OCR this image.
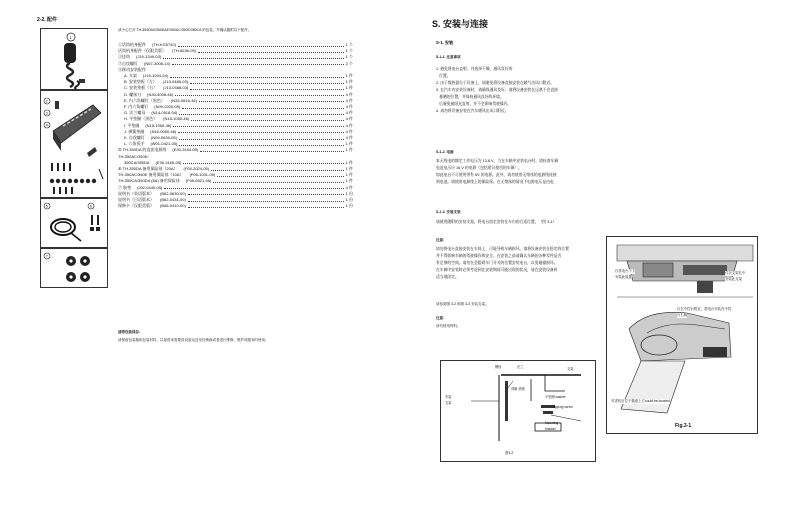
2-2. 配件
1
2
3
4
5	6
7
请小心打开 TH-350DA0/350DAE/350AC/350E/350CA 的包装，并确认随附以下配件。
①话筒机身配件 (TH-KG5740)	1 个
话筒机身配件（仅限美版） (TH-6636-05)	1 个
②挂钩 (J19-1349-03)	1 个
③自攻螺钉 (N67-3008-14)	2 个
④移动安装配件
A. 支架 (J19-1094-04)	1 件
B. 安装垫板（左） (J13-0488-03)	1 件
C. 安装垫板（右） (J13-0488-03)	1 件
D. 螺丝刀 (N30-4008-46)	4 件
E. 内六角螺钉（黑色） (N33-0816-46)	4 件
F. 内六角螺钉 (N09-0200-05)	4 件
G. 法兰螺母 (N14-0518-04)	4 件
H. 平垫圈（黑色） (N15-1050-46)	4 件
I. 平垫圈 (N15-1050-46)	4 件
J. 弹簧垫圈 (N16-0050-46)	4 件
K. 自攻螺钉 (N09-0639-05)	4 件
L. 六角扳手 (W01-0421-05)	1 件
⑤ TH-350DA 的直流电源线 (E30-3164-05)	1 件
TH-350AC/350E/
350CA/350DA (E30-3165-05)	1 件
⑥ TH-350DA 备用保险丝（20A） (F05-2024-05)	1 件
TH-350AC/350E 备用保险丝（10A） (F05-1031-05)	1 件
TH-350CA/350DA (6A) 备用保险丝 (F05-6521-05)	1 件
⑦ 胶垫 (J02-0440-05)	4 件
说明书（英语版本） (B62-0630-00)	1 份
说明书（日语版本） (B62-0431-00)	1 份
保修卡（仅限美版） (B46-0410-00)	1 份
请将包装保存：
请保留包装箱和包装材料，以备将来需要将设备运送至经销商或者进行维修、维护或服务时使用。
S. 安装与连接
S-1. 安装
S-1-1. 注意事项
1. 避免将电台直射，并选择干燥、通风良好的
位置。
2. 由于散热器位于设备上，请避免将设备直接安装在暖气出风口附近。
3. 在汽车内安装设备时，请确保通风良好。请将设备安装在远离不会直接
暴晒的位置，并保持通风良好的环境。
后避免被阳光直射，并不会影响驾驶操作。
4. 请勿将设备安装在汽车暖风出风口附近。
S-1-2. 电源
本无线电的额定工作电压为 13.8 V。当在车辆中安装电台时，请检查车辆
电池电压应 16 V 的电源（包括建议使用的车辆）。
如此电台不可使用带有 6V 的电源。此外，请勿使用无熔丝的电源线连接
到电池，请使用电源线上的保险丝。在无熔丝的情况下电源电压是由电
S-1-3. 安装支架
请使用随附的安装支架，将电台固定安装在车内的合适位置。（图 3-1）
注意:
请勿将电台直接安装在车体上，可能导致车辆损坏。请将设备安装在稳定的位置
并不得影响车辆的驾驶操作和安全。在安装之前请确认车辆的各种零件是否
有足够的空间。请勿在会阻碍车门开关的位置安装电台，以免碰撞损坏。
在车辆中安装时必须考虑到在安装期间可能出现的状况，请在安装设备时
适当地固定。
请参阅图 3-2 和图 3-3 安装支架。
注意：
请勿使用焊料。
螺栓	法兰	支架
安装
支架
弹簧 垫圈
平垫圈 washer
tapping screw
Mounting
bracket
图3-2
仅将电台下方
安装此装置
仅在支架孔中
安装此支架
仅在中控台附近，将电台安装在中控
台右侧
对讲机应位于插座上方could be located
Fig.3-1
